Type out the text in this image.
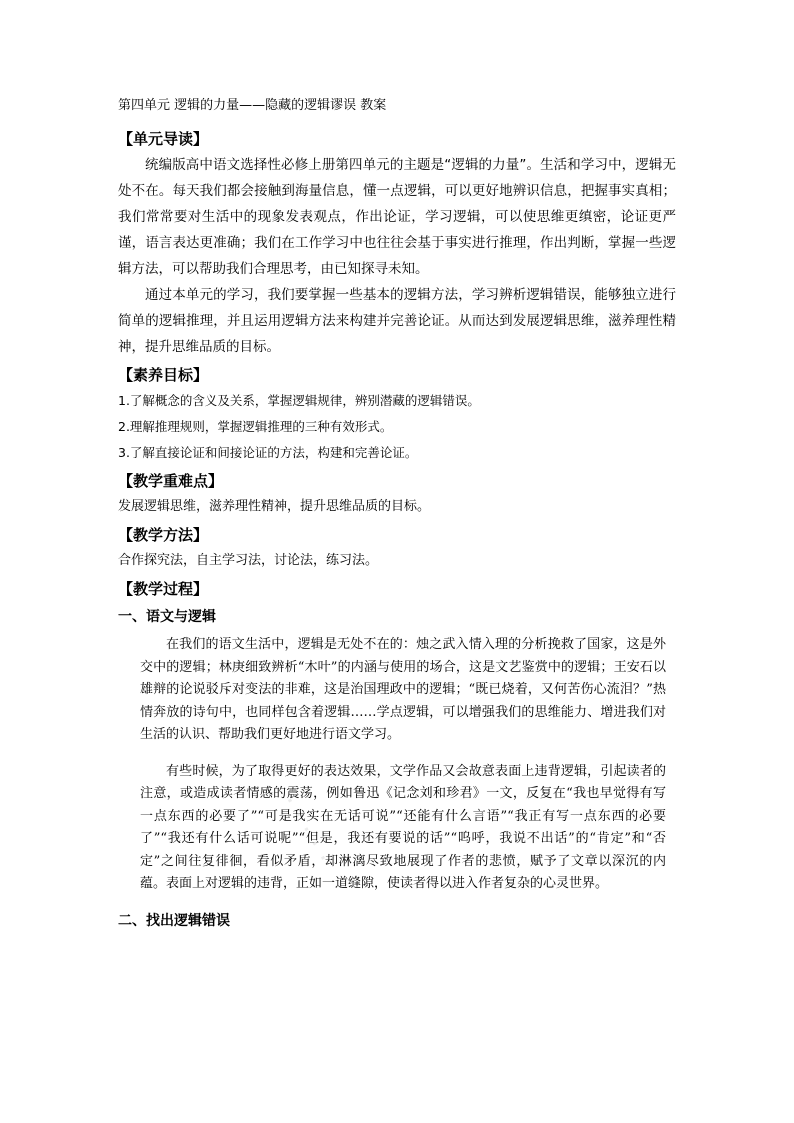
第四单元 逻辑的力量——隐藏的逻辑谬误 教案
【单元导读】

统编版高中语文选择性必修上册第四单元的主题是“逻辑的力量”。生活和学习中，逻辑无处不在。每天我们都会接触到海量信息，懂一点逻辑，可以更好地辨识信息，把握事实真相；我们常常要对生活中的现象发表观点，作出论证，学习逻辑，可以使思维更缜密，论证更严谨，语言表达更准确；我们在工作学习中也往往会基于事实进行推理，作出判断，掌握一些逻辑方法，可以帮助我们合理思考，由已知探寻未知。

通过本单元的学习，我们要掌握一些基本的逻辑方法，学习辨析逻辑错误，能够独立进行简单的逻辑推理，并且运用逻辑方法来构建并完善论证。从而达到发展逻辑思维，滋养理性精神，提升思维品质的目标。

【素养目标】

1.了解概念的含义及关系，掌握逻辑规律，辨别潜藏的逻辑错误。

2.理解推理规则，掌握逻辑推理的三种有效形式。

3.了解直接论证和间接论证的方法，构建和完善论证。

【教学重难点】

发展逻辑思维，滋养理性精神，提升思维品质的目标。

【教学方法】

合作探究法，自主学习法，讨论法，练习法。

【教学过程】
一、语文与逻辑

在我们的语文生活中，逻辑是无处不在的：烛之武入情入理的分析挽救了国家，这是外交中的逻辑；林庚细致辨析“木叶”的内涵与使用的场合，这是文艺鉴赏中的逻辑；王安石以雄辩的论说驳斥对变法的非难，这是治国理政中的逻辑；“既已烧着，又何苦伤心流泪？”热情奔放的诗句中，也同样包含着逻辑……学点逻辑，可以增强我们的思维能力、增进我们对生活的认识、帮助我们更好地进行语文学习。

有些时候，为了取得更好的表达效果，文学作品又会故意表面上违背逻辑，引起读者的注意，或造成读者情感的震荡，例如鲁迅《记念刘和珍君》一文，反复在“我也早觉得有写一点东西的必要了”“可是我实在无话可说”“还能有什么言语”“我正有写一点东西的必要了”“我还有什么话可说呢”“但是，我还有要说的话”“呜呼，我说不出话”的“肯定”和“否定”之间往复徘徊，看似矛盾，却淋漓尽致地展现了作者的悲愤，赋予了文章以深沉的内蕴。表面上对逻辑的违背，正如一道缝隙，使读者得以进入作者复杂的心灵世界。

二、找出逻辑错误
· · · · ·
